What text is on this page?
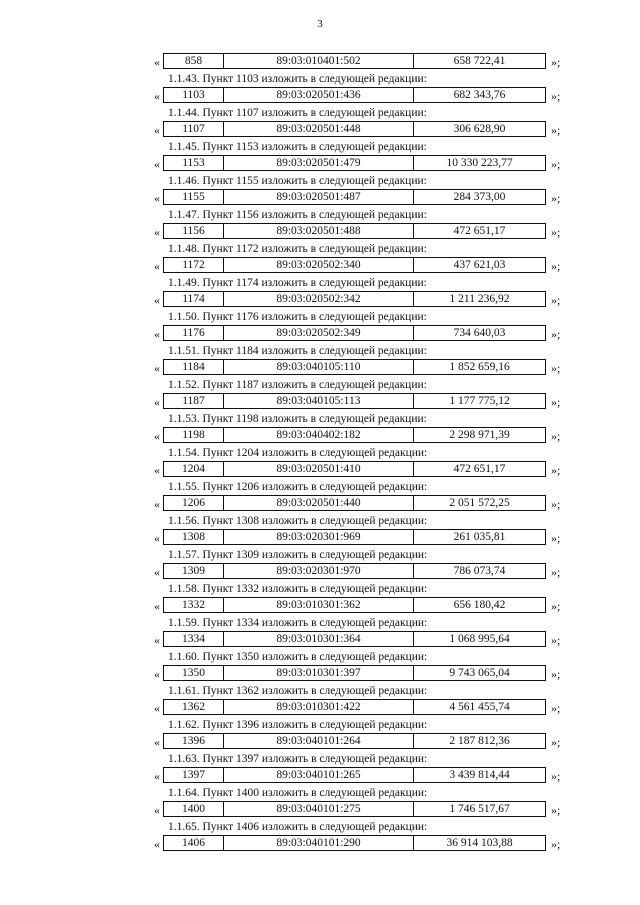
3
«	858	89:03:010401:502	658 722,41	»;
1.1.43. Пункт 1103 изложить в следующей редакции:
«	1103	89:03:020501:436	682 343,76	»;
1.1.44. Пункт 1107 изложить в следующей редакции:
«	1107	89:03:020501:448	306 628,90	»;
1.1.45. Пункт 1153 изложить в следующей редакции:
«	1153	89:03:020501:479	10 330 223,77	»;
1.1.46. Пункт 1155 изложить в следующей редакции:
«	1155	89:03:020501:487	284 373,00	»;
1.1.47. Пункт 1156 изложить в следующей редакции:
«	1156	89:03:020501:488	472 651,17	»;
1.1.48. Пункт 1172 изложить в следующей редакции:
«	1172	89:03:020502:340	437 621,03	»;
1.1.49. Пункт 1174 изложить в следующей редакции:
«	1174	89:03:020502:342	1 211 236,92	»;
1.1.50. Пункт 1176 изложить в следующей редакции:
«	1176	89:03:020502:349	734 640,03	»;
1.1.51. Пункт 1184 изложить в следующей редакции:
«	1184	89:03:040105:110	1 852 659,16	»;
1.1.52. Пункт 1187 изложить в следующей редакции:
«	1187	89:03:040105:113	1 177 775,12	»;
1.1.53. Пункт 1198 изложить в следующей редакции:
«	1198	89:03:040402:182	2 298 971,39	»;
1.1.54. Пункт 1204 изложить в следующей редакции:
«	1204	89:03:020501:410	472 651,17	»;
1.1.55. Пункт 1206 изложить в следующей редакции:
«	1206	89:03:020501:440	2 051 572,25	»;
1.1.56. Пункт 1308 изложить в следующей редакции:
«	1308	89:03:020301:969	261 035,81	»;
1.1.57. Пункт 1309 изложить в следующей редакции:
«	1309	89:03:020301:970	786 073,74	»;
1.1.58. Пункт 1332 изложить в следующей редакции:
«	1332	89:03:010301:362	656 180,42	»;
1.1.59. Пункт 1334 изложить в следующей редакции:
«	1334	89:03:010301:364	1 068 995,64	»;
1.1.60. Пункт 1350 изложить в следующей редакции:
«	1350	89:03:010301:397	9 743 065,04	»;
1.1.61. Пункт 1362 изложить в следующей редакции:
«	1362	89:03:010301:422	4 561 455,74	»;
1.1.62. Пункт 1396 изложить в следующей редакции:
«	1396	89:03:040101:264	2 187 812,36	»;
1.1.63. Пункт 1397 изложить в следующей редакции:
«	1397	89:03:040101:265	3 439 814,44	»;
1.1.64. Пункт 1400 изложить в следующей редакции:
«	1400	89:03:040101:275	1 746 517,67	»;
1.1.65. Пункт 1406 изложить в следующей редакции:
«	1406	89:03:040101:290	36 914 103,88	»;
